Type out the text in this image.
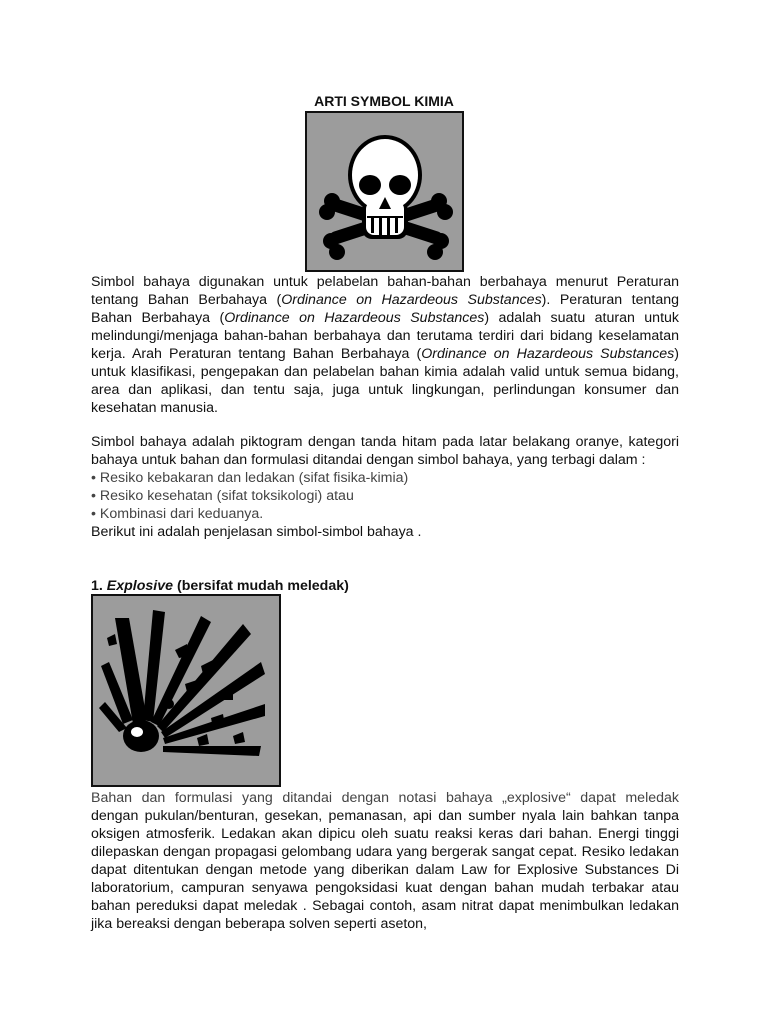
ARTI SYMBOL KIMIA

Simbol bahaya digunakan untuk pelabelan bahan-bahan berbahaya menurut Peraturan tentang Bahan Berbahaya (Ordinance on Hazardeous Substances). Peraturan tentang Bahan Berbahaya (Ordinance on Hazardeous Substances) adalah suatu aturan untuk melindungi/menjaga bahan-bahan berbahaya dan terutama terdiri dari bidang keselamatan kerja. Arah Peraturan tentang Bahan Berbahaya (Ordinance on Hazardeous Substances) untuk klasifikasi, pengepakan dan pelabelan bahan kimia adalah valid untuk semua bidang, area dan aplikasi, dan tentu saja, juga untuk lingkungan, perlindungan konsumer dan kesehatan manusia.

Simbol bahaya adalah piktogram dengan tanda hitam pada latar belakang oranye, kategori bahaya untuk bahan dan formulasi ditandai dengan simbol bahaya, yang terbagi dalam :

• Resiko kebakaran dan ledakan (sifat fisika-kimia)

• Resiko kesehatan (sifat toksikologi) atau

• Kombinasi dari keduanya.

Berikut ini adalah penjelasan simbol-simbol bahaya .

1. Explosive (bersifat mudah meledak)

Bahan dan formulasi yang ditandai dengan notasi bahaya „explosive“ dapat meledak

dengan pukulan/benturan, gesekan, pemanasan, api dan sumber nyala lain bahkan tanpa oksigen atmosferik. Ledakan akan dipicu oleh suatu reaksi keras dari bahan. Energi tinggi dilepaskan dengan propagasi gelombang udara yang bergerak sangat cepat. Resiko ledakan dapat ditentukan dengan metode yang diberikan dalam Law for Explosive Substances Di laboratorium, campuran senyawa pengoksidasi kuat dengan bahan mudah terbakar atau bahan pereduksi dapat meledak . Sebagai contoh, asam nitrat dapat menimbulkan ledakan jika bereaksi dengan beberapa solven seperti aseton,
